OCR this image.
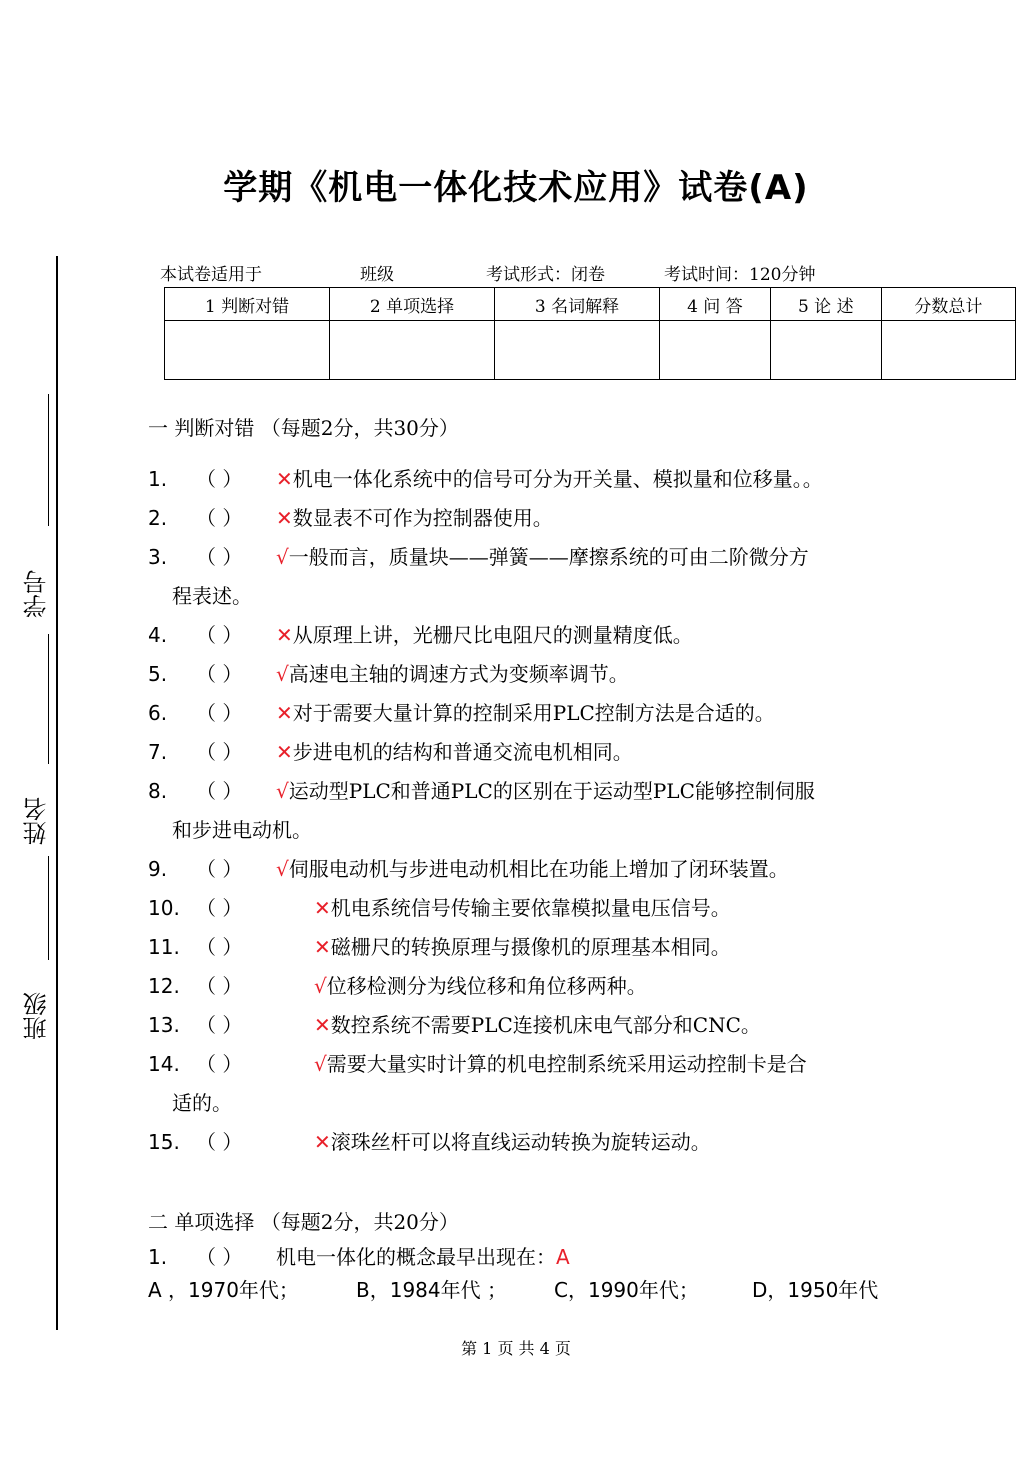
学期《机电一体化技术应用》试卷(A)
学号
姓名
班级
本试卷适用于	班级	考试形式：闭卷	考试时间：120分钟
1 判断对错	2 单项选择	3 名词解释	4 问 答	5 论 述	分数总计

一 判断对错 （每题2分，共30分）
1. （ ） ✕机电一体化系统中的信号可分为开关量、模拟量和位移量。。
2. （ ） ✕数显表不可作为控制器使用。
3. （ ） √一般而言，质量块——弹簧——摩擦系统的可由二阶微分方
程表述。
4. （ ） ✕从原理上讲，光栅尺比电阻尺的测量精度低。
5. （ ） √高速电主轴的调速方式为变频率调节。
6. （ ） ✕对于需要大量计算的控制采用PLC控制方法是合适的。
7. （ ） ✕步进电机的结构和普通交流电机相同。
8. （ ） √运动型PLC和普通PLC的区别在于运动型PLC能够控制伺服
和步进电动机。
9. （ ） √伺服电动机与步进电动机相比在功能上增加了闭环装置。
10. （ ）	✕机电系统信号传输主要依靠模拟量电压信号。
11. （ ）	✕磁栅尺的转换原理与摄像机的原理基本相同。
12. （ ）	√位移检测分为线位移和角位移两种。
13. （ ）	✕数控系统不需要PLC连接机床电气部分和CNC。
14. （ ）	√需要大量实时计算的机电控制系统采用运动控制卡是合
适的。
15. （ ）	✕滚珠丝杆可以将直线运动转换为旋转运动。
二 单项选择 （每题2分，共20分）
1. （ ） 机电一体化的概念最早出现在：A
A ，1970年代；	B，1984年代 ； C，1990年代；	D，1950年代
第 1 页 共 4 页
